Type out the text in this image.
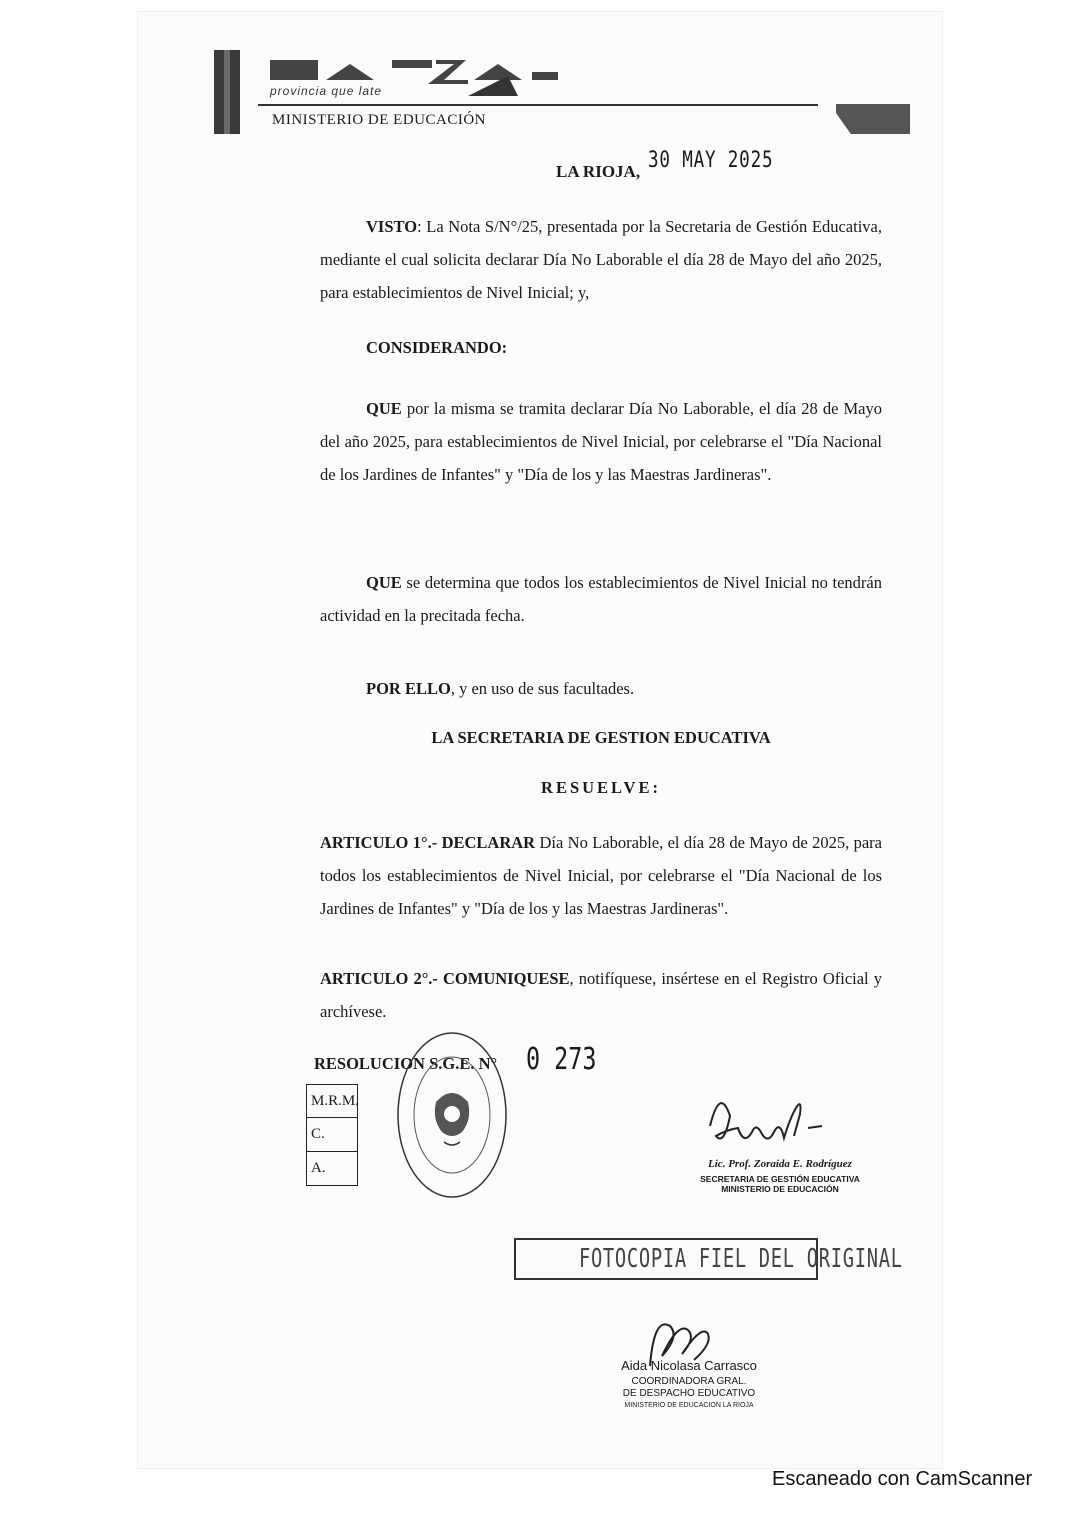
provincia que late
MINISTERIO DE EDUCACIÓN
LA RIOJA, 30 MAY 2025
VISTO: La Nota S/N°/25, presentada por la Secretaria de Gestión Educativa, mediante el cual solicita declarar Día No Laborable el día 28 de Mayo del año 2025, para establecimientos de Nivel Inicial; y,
CONSIDERANDO:
QUE por la misma se tramita declarar Día No Laborable, el día 28 de Mayo del año 2025, para establecimientos de Nivel Inicial, por celebrarse el "Día Nacional de los Jardines de Infantes" y "Día de los y las Maestras Jardineras".
QUE se determina que todos los establecimientos de Nivel Inicial no tendrán actividad en la precitada fecha.
POR ELLO, y en uso de sus facultades.
LA SECRETARIA DE GESTION EDUCATIVA
RESUELVE:
ARTICULO 1°.- DECLARAR Día No Laborable, el día 28 de Mayo de 2025, para todos los establecimientos de Nivel Inicial, por celebrarse el "Día Nacional de los Jardines de Infantes" y "Día de los y las Maestras Jardineras".
ARTICULO 2°.- COMUNIQUESE, notifíquese, insértese en el Registro Oficial y archívese.
RESOLUCION S.G.E. N° 0 273
M.R.M.
C.
A.	Lic. Prof. Zoraida E. Rodríguez
SECRETARIA DE GESTIÓN EDUCATIVA
MINISTERIO DE EDUCACIÓN
FOTOCOPIA FIEL DEL ORIGINAL
Aida Nicolasa Carrasco
COORDINADORA GRAL.
DE DESPACHO EDUCATIVO
MINISTERIO DE EDUCACION LA RIOJA
Escaneado con CamScanner
